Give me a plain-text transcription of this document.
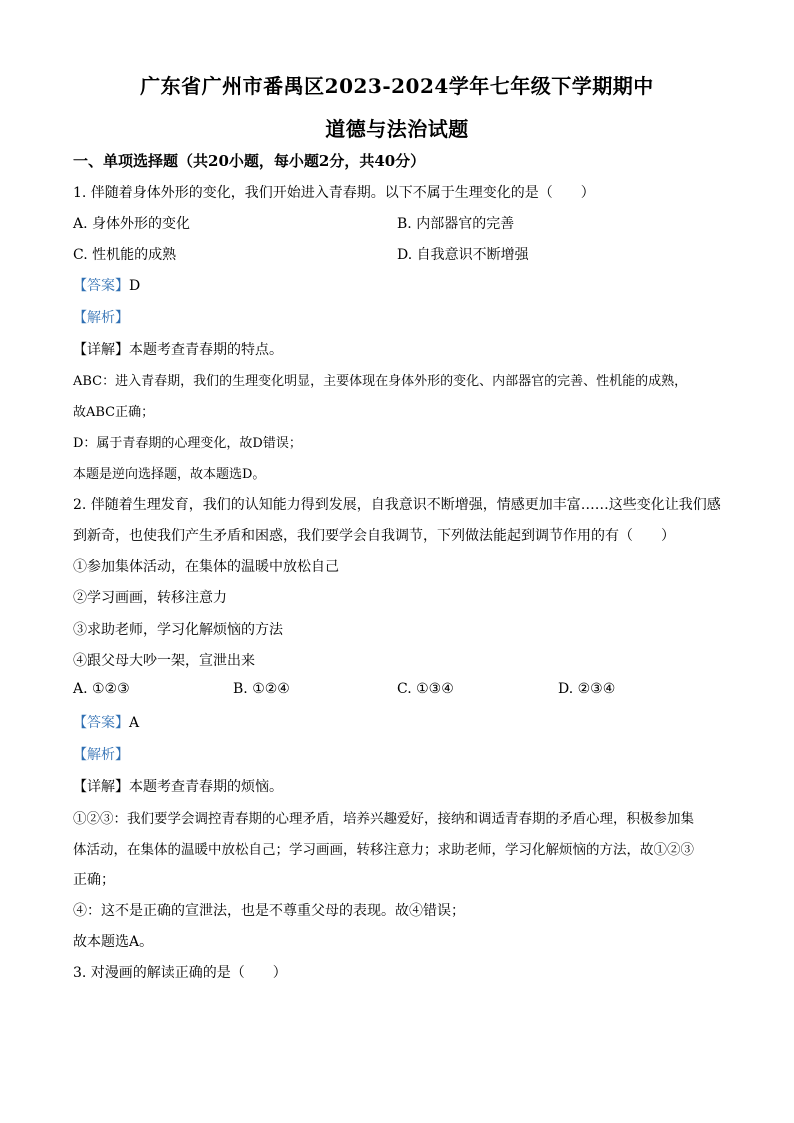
广东省广州市番禺区2023-2024学年七年级下学期期中
道德与法治试题
一、单项选择题（共20小题，每小题2分，共40分）
1. 伴随着身体外形的变化，我们开始进入青春期。以下不属于生理变化的是（　　）
A. 身体外形的变化	B. 内部器官的完善
C. 性机能的成熟	D. 自我意识不断增强
【答案】D
【解析】
【详解】本题考查青春期的特点。
ABC：进入青春期，我们的生理变化明显，主要体现在身体外形的变化、内部器官的完善、性机能的成熟，
故ABC正确；
D：属于青春期的心理变化，故D错误；
本题是逆向选择题，故本题选D。
2. 伴随着生理发育，我们的认知能力得到发展，自我意识不断增强，情感更加丰富……这些变化让我们感
到新奇，也使我们产生矛盾和困惑，我们要学会自我调节，下列做法能起到调节作用的有（　　）
①参加集体活动，在集体的温暖中放松自己
②学习画画，转移注意力
③求助老师，学习化解烦恼的方法
④跟父母大吵一架，宣泄出来
A. ①②③	B. ①②④	C. ①③④	D. ②③④
【答案】A
【解析】
【详解】本题考查青春期的烦恼。
①②③：我们要学会调控青春期的心理矛盾，培养兴趣爱好，接纳和调适青春期的矛盾心理，积极参加集
体活动，在集体的温暖中放松自己；学习画画，转移注意力；求助老师，学习化解烦恼的方法，故①②③
正确；
④：这不是正确的宣泄法，也是不尊重父母的表现。故④错误；
故本题选A。
3. 对漫画的解读正确的是（　　）
